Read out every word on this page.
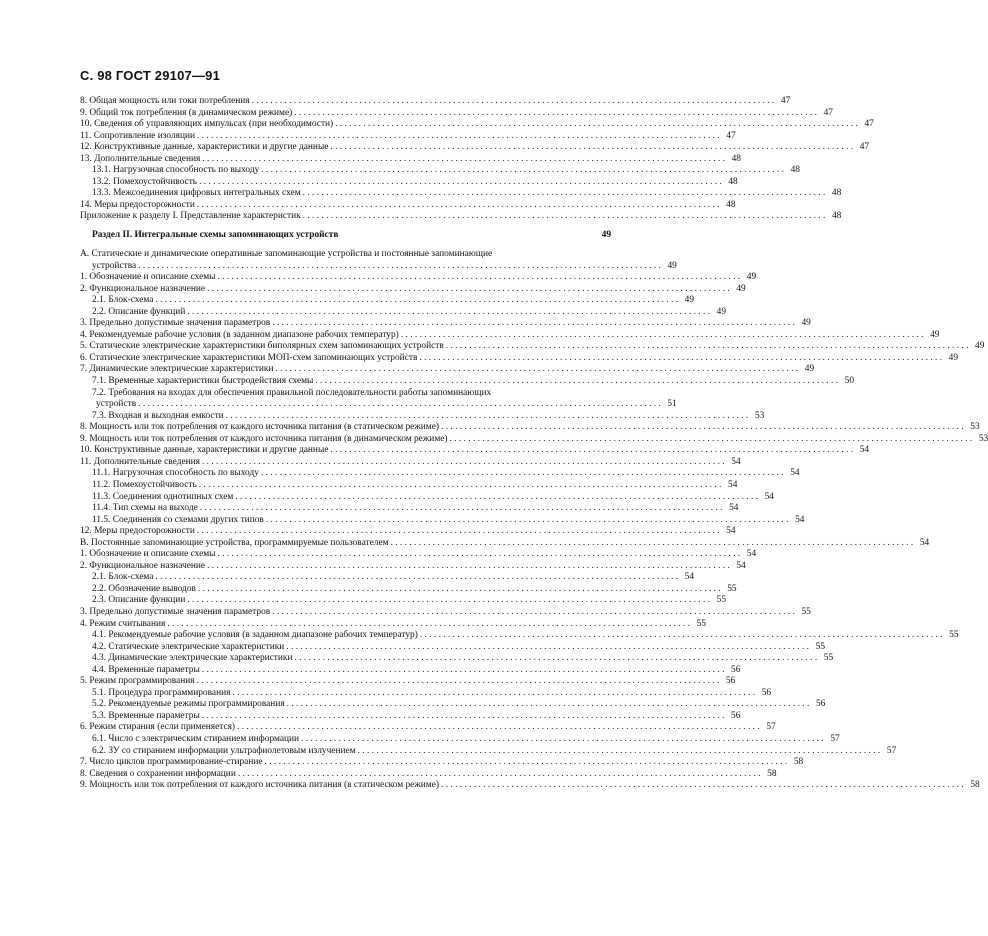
С. 98 ГОСТ 29107—91
8. Общая мощность или токи потребления . . .	47
9. Общий ток потребления (в динамическом режиме) . . .	47
10. Сведения об управляющих импульсах (при необходимости) . . .	47
11. Сопротивление изоляции . . .	47
12. Конструктивные данные, характеристики и другие данные . . .	47
13. Дополнительные сведения . . .	48
13.1. Нагрузочная способность по выходу . . .	48
13.2. Помехоустойчивость . . .	48
13.3. Межсоединения цифровых интегральных схем . . .	48
14. Меры предосторожности . . .	48
Приложение к разделу I. Представление характеристик . . .	48
Раздел II. Интегральные схемы запоминающих устройств	49
А. Статические и динамические оперативные запоминающие устройства и постоянные запоминающие
устройства . . .	49
1. Обозначение и описание схемы . . .	49
2. Функциональное назначение . . .	49
2.1. Блок-схема . . .	49
2.2. Описание функций . . .	49
3. Предельно допустимые значения параметров . . .	49
4. Рекомендуемые рабочие условия (в заданном диапазоне рабочих температур) . . .	49
5. Статические электрические характеристики биполярных схем запоминающих устройств . . .	49
6. Статические электрические характеристики МОП-схем запоминающих устройств . . .	49
7. Динамические электрические характеристики . . .	49
7.1. Временные характеристики быстродействия схемы . . .	50
7.2. Требования на входах для обеспечения правильной последовательности работы запоминающих
устройств . . .	51
7.3. Входная и выходная емкости . . .	53
8. Мощность или ток потребления от каждого источника питания (в статическом режиме) . . .	53
9. Мощность или ток потребления от каждого источника питания (в динамическом режиме) . . .	53
10. Конструктивные данные, характеристики и другие данные . . .	54
11. Дополнительные сведения . . .	54
11.1. Нагрузочная способность по выходу . . .	54
11.2. Помехоустойчивость . . .	54
11.3. Соединения однотипных схем . . .	54
11.4. Тип схемы на выходе . . .	54
11.5. Соединения со схемами других типов . . .	54
12. Меры предосторожности . . .	54
B. Постоянные запоминающие устройства, программируемые пользователем . . .	54
1. Обозначение и описание схемы . . .	54
2. Функциональное назначение . . .	54
2.1. Блок-схема . . .	54
2.2. Обозначение выводов . . .	55
2.3. Описание функции . . .	55
3. Предельно допустимые значения параметров . . .	55
4. Режим считывания . . .	55
4.1. Рекомендуемые рабочие условия (в заданном диапазоне рабочих температур) . . .	55
4.2. Статические электрические характеристики . . .	55
4.3. Динамические электрические характеристики . . .	55
4.4. Временные параметры . . .	56
5. Режим программирования . . .	56
5.1. Процедура программирования . . .	56
5.2. Рекомендуемые режимы программирования . . .	56
5.3. Временные параметры . . .	56
6. Режим стирания (если применяется) . . .	57
6.1. Число с электрическим стиранием информации . . .	57
6.2. ЗУ со стиранием информации ультрафиолетовым излучением . . .	57
7. Число циклов программирование-стирание . . .	58
8. Сведения о сохранении информации . . .	58
9. Мощность или ток потребления от каждого источника питания (в статическом режиме) . . .	58
